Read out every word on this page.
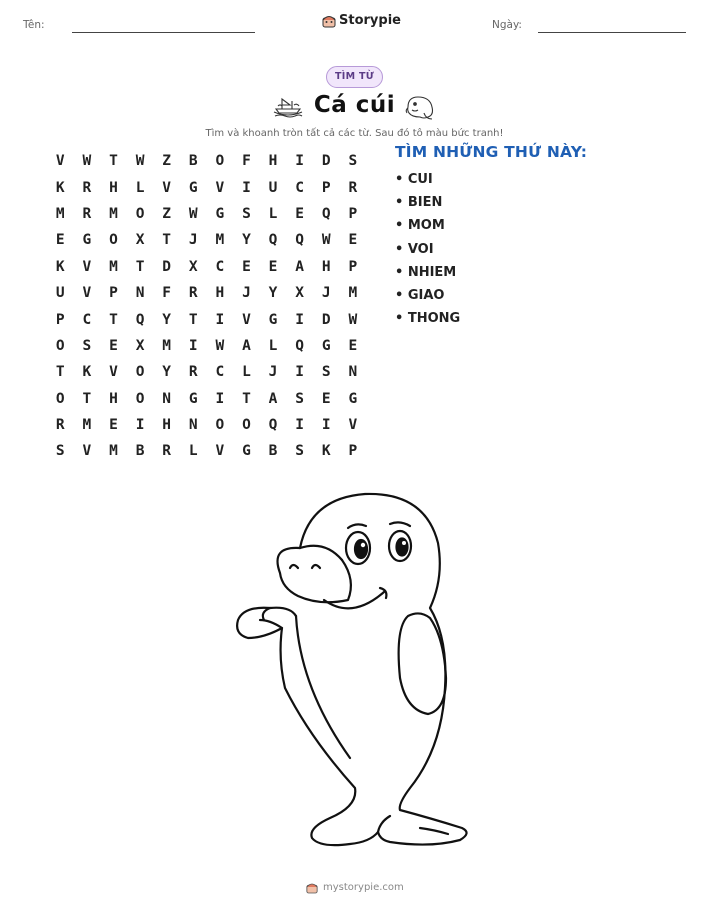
Tên:	Storypie	Ngày:
TÌM TỪ
Cá cúi
Tìm và khoanh tròn tất cả các từ. Sau đó tô màu bức tranh!
V	W	T	W	Z	B	O	F	H	I	D	S
K	R	H	L	V	G	V	I	U	C	P	R
M	R	M	O	Z	W	G	S	L	E	Q	P
E	G	O	X	T	J	M	Y	Q	Q	W	E
K	V	M	T	D	X	C	E	E	A	H	P
U	V	P	N	F	R	H	J	Y	X	J	M
P	C	T	Q	Y	T	I	V	G	I	D	W
O	S	E	X	M	I	W	A	L	Q	G	E
T	K	V	O	Y	R	C	L	J	I	S	N
O	T	H	O	N	G	I	T	A	S	E	G
R	M	E	I	H	N	O	O	Q	I	I	V
S	V	M	B	R	L	V	G	B	S	K	P
TÌM NHỮNG THỨ NÀY:
• CUI
• BIEN
• MOM
• VOI
• NHIEM
• GIAO
• THONG
mystorypie.com
